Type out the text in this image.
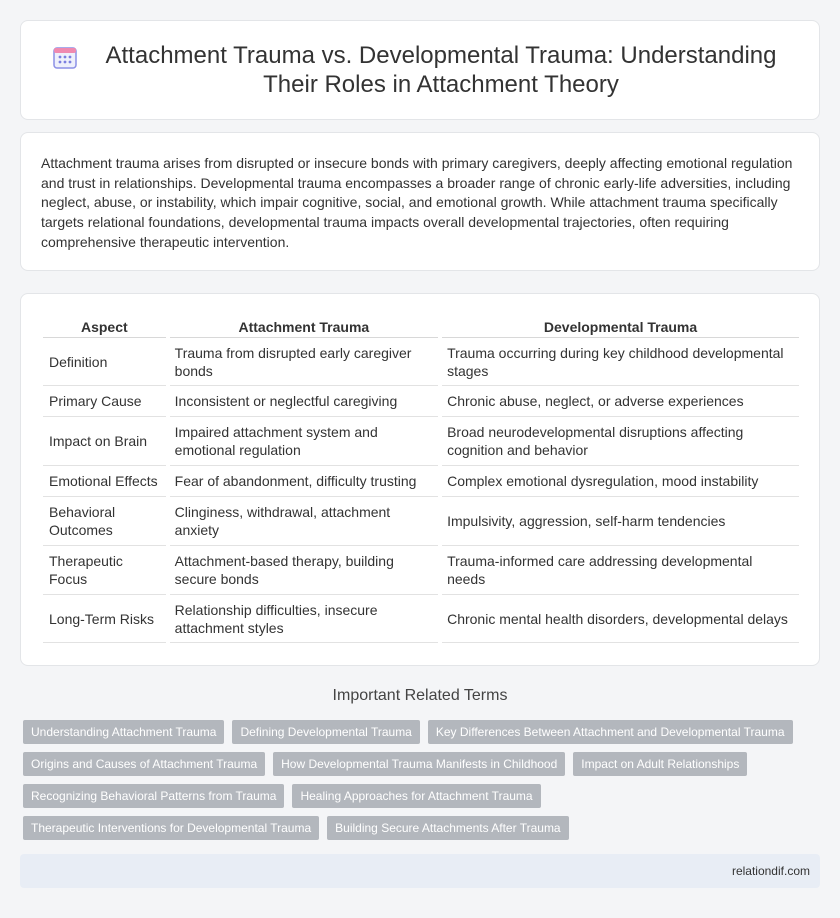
Attachment Trauma vs. Developmental Trauma: Understanding Their Roles in Attachment Theory

Attachment trauma arises from disrupted or insecure bonds with primary caregivers, deeply affecting emotional regulation and trust in relationships. Developmental trauma encompasses a broader range of chronic early-life adversities, including neglect, abuse, or instability, which impair cognitive, social, and emotional growth. While attachment trauma specifically targets relational foundations, developmental trauma impacts overall developmental trajectories, often requiring comprehensive therapeutic intervention.

Aspect		Attachment Trauma		Developmental Trauma
Definition		Trauma from disrupted early caregiver bonds		Trauma occurring during key childhood developmental stages
Primary Cause		Inconsistent or neglectful caregiving		Chronic abuse, neglect, or adverse experiences
Impact on Brain		Impaired attachment system and emotional regulation		Broad neurodevelopmental disruptions affecting cognition and behavior
Emotional Effects		Fear of abandonment, difficulty trusting		Complex emotional dysregulation, mood instability
Behavioral Outcomes		Clinginess, withdrawal, attachment anxiety		Impulsivity, aggression, self-harm tendencies
Therapeutic Focus		Attachment-based therapy, building secure bonds		Trauma-informed care addressing developmental needs
Long-Term Risks		Relationship difficulties, insecure attachment styles		Chronic mental health disorders, developmental delays
Important Related Terms
Understanding Attachment Trauma	Defining Developmental Trauma	Key Differences Between Attachment and Developmental Trauma
Origins and Causes of Attachment Trauma	How Developmental Trauma Manifests in Childhood	Impact on Adult Relationships
Recognizing Behavioral Patterns from Trauma	Healing Approaches for Attachment Trauma
Therapeutic Interventions for Developmental Trauma	Building Secure Attachments After Trauma
relationdif.com
